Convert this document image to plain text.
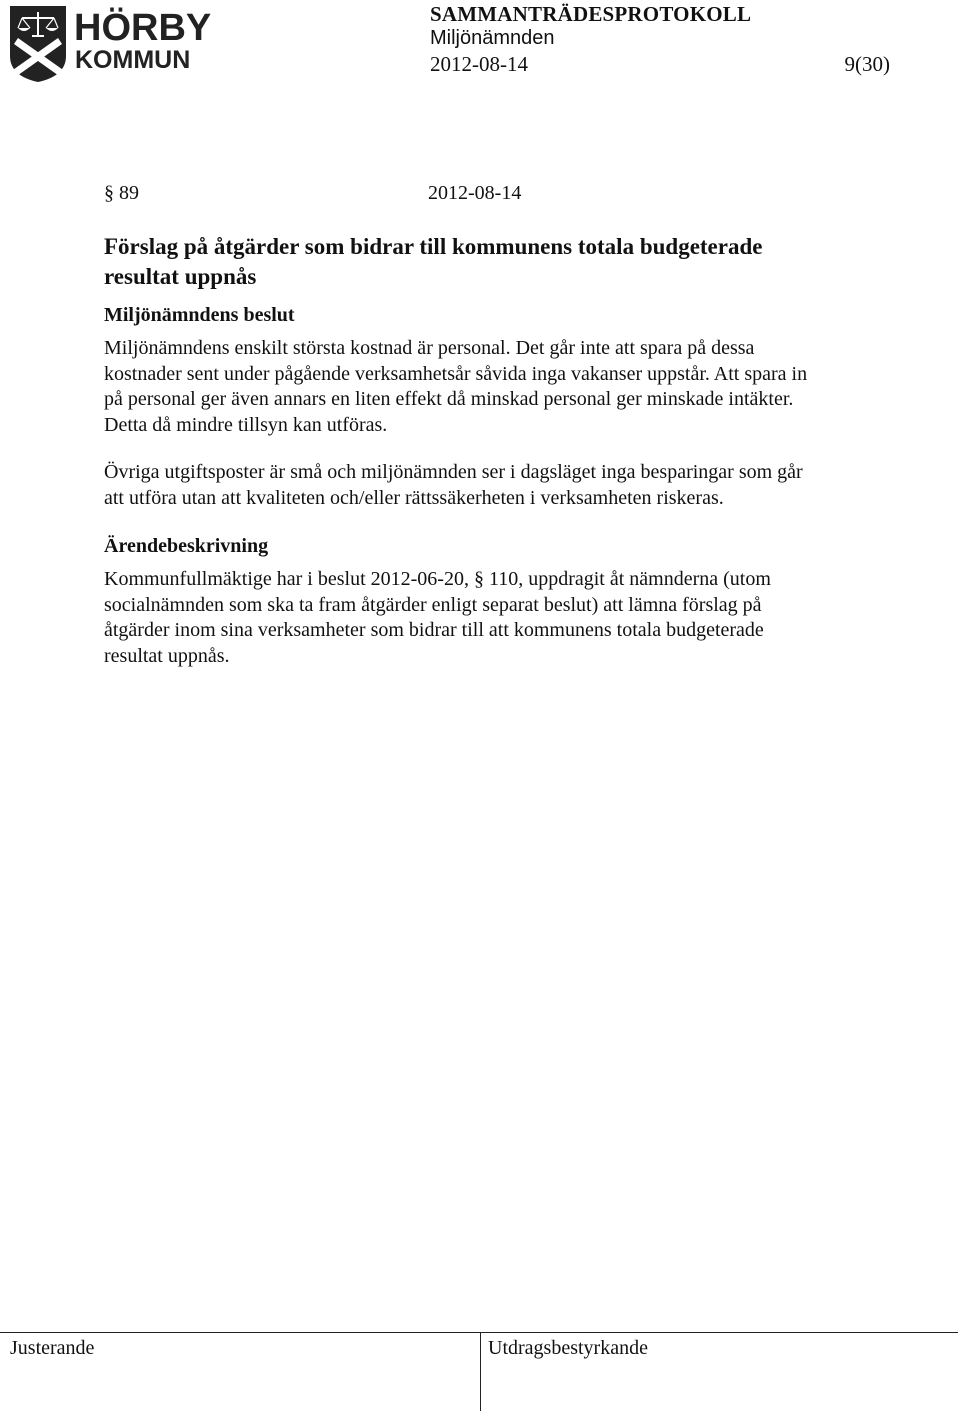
HÖRBY
KOMMUN
SAMMANTRÄDESPROTOKOLL
Miljönämnden
2012-08-14	9(30)
§ 89	2012-08-14
Förslag på åtgärder som bidrar till kommunens totala budgeterade resultat uppnås
Miljönämndens beslut

Miljönämndens enskilt största kostnad är personal. Det går inte att spara på dessa kostnader sent under pågående verksamhetsår såvida inga vakanser uppstår. Att spara in på personal ger även annars en liten effekt då minskad personal ger minskade intäkter. Detta då mindre tillsyn kan utföras.

Övriga utgiftsposter är små och miljönämnden ser i dagsläget inga besparingar som går att utföra utan att kvaliteten och/eller rättssäkerheten i verksamheten riskeras.

Ärendebeskrivning

Kommunfullmäktige har i beslut 2012-06-20, § 110, uppdragit åt nämnderna (utom socialnämnden som ska ta fram åtgärder enligt separat beslut) att lämna förslag på åtgärder inom sina verksamheter som bidrar till att kommunens totala budgeterade resultat uppnås.

Justerande	Utdragsbestyrkande
